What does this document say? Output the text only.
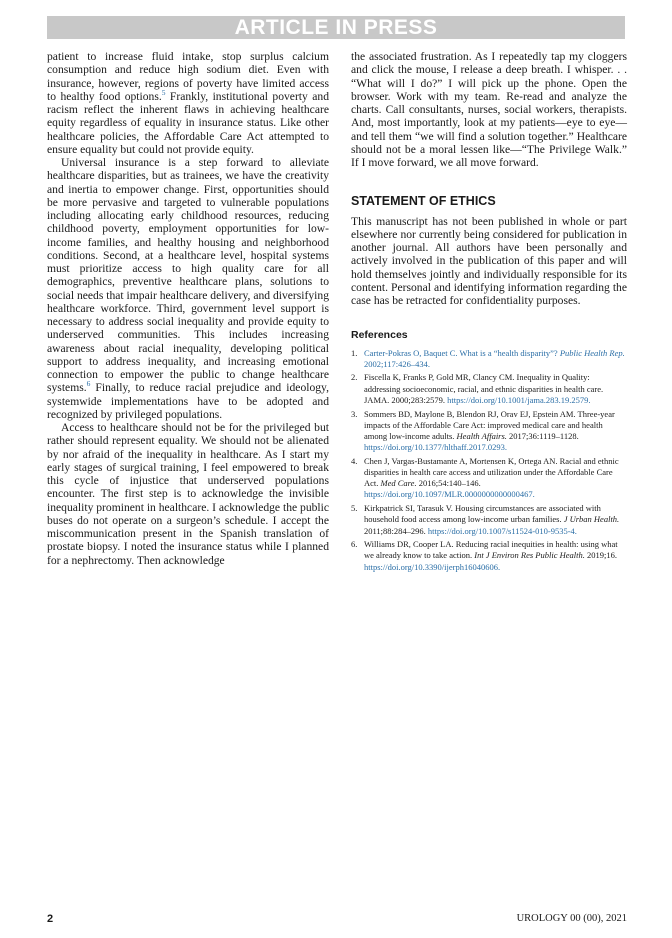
ARTICLE IN PRESS

patient to increase fluid intake, stop surplus calcium consumption and reduce high sodium diet. Even with insurance, however, regions of poverty have limited access to healthy food options.$^5$ Frankly, institutional poverty and racism reflect the inherent flaws in achieving healthcare equity regardless of equality in insurance status. Like other healthcare policies, the Affordable Care Act attempted to ensure equality but could not provide equity.

Universal insurance is a step forward to alleviate healthcare disparities, but as trainees, we have the creativity and inertia to empower change. First, opportunities should be more pervasive and targeted to vulnerable populations including allocating early childhood resources, reducing childhood poverty, employment opportunities for low-income families, and healthy housing and neighborhood conditions. Second, at a healthcare level, hospital systems must prioritize access to high quality care for all demographics, preventive healthcare plans, solutions to social needs that impair healthcare delivery, and diversifying healthcare workforce. Third, government level support is necessary to address social inequality and provide equity to underserved communities. This includes increasing awareness about racial inequality, developing political support to address inequality, and increasing emotional connection to empower the public to change healthcare systems.$^6$ Finally, to reduce racial prejudice and ideology, systemwide implementations have to be adopted and recognized by privileged populations.

Access to healthcare should not be for the privileged but rather should represent equality. We should not be alienated by nor afraid of the inequality in healthcare. As I start my early stages of surgical training, I feel empowered to break this cycle of injustice that underserved populations encounter. The first step is to acknowledge the invisible inequality prominent in healthcare. I acknowledge the public buses do not operate on a surgeon’s schedule. I accept the miscommunication present in the Spanish translation of prostate biopsy. I noted the insurance status while I planned for a nephrectomy. Then acknowledge

the associated frustration. As I repeatedly tap my cloggers and click the mouse, I release a deep breath. I whisper. . . “What will I do?” I will pick up the phone. Open the browser. Work with my team. Re-read and analyze the charts. Call consultants, nurses, social workers, therapists. And, most importantly, look at my patients—eye to eye—and tell them “we will find a solution together.” Healthcare should not be a moral lessen like—“The Privilege Walk.” If I move forward, we all move forward.

STATEMENT OF ETHICS

This manuscript has not been published in whole or part elsewhere nor currently being considered for publication in another journal. All authors have been personally and actively involved in the publication of this paper and will hold themselves jointly and individually responsible for its content. Personal and identifying information regarding the case has be retracted for confidentiality purposes.

References
1. Carter-Pokras O, Baquet C. What is a “health disparity”? Public Health Rep. 2002;117:426–434.
2. Fiscella K, Franks P, Gold MR, Clancy CM. Inequality in Quality: addressing socioeconomic, racial, and ethnic disparities in health care. JAMA. 2000;283:2579. https://doi.org/10.1001/jama.283.19.2579.
3. Sommers BD, Maylone B, Blendon RJ, Orav EJ, Epstein AM. Three-year impacts of the Affordable Care Act: improved medical care and health among low-income adults. Health Affairs. 2017;36:1119–1128. https://doi.org/10.1377/hlthaff.2017.0293.
4. Chen J, Vargas-Bustamante A, Mortensen K, Ortega AN. Racial and ethnic disparities in health care access and utilization under the Affordable Care Act. Med Care. 2016;54:140–146. https://doi.org/10.1097/MLR.0000000000000467.
5. Kirkpatrick SI, Tarasuk V. Housing circumstances are associated with household food access among low-income urban families. J Urban Health. 2011;88:284–296. https://doi.org/10.1007/s11524-010-9535-4.
6. Williams DR, Cooper LA. Reducing racial inequities in health: using what we already know to take action. Int J Environ Res Public Health. 2019;16. https://doi.org/10.3390/ijerph16040606.
2	UROLOGY 00 (00), 2021
